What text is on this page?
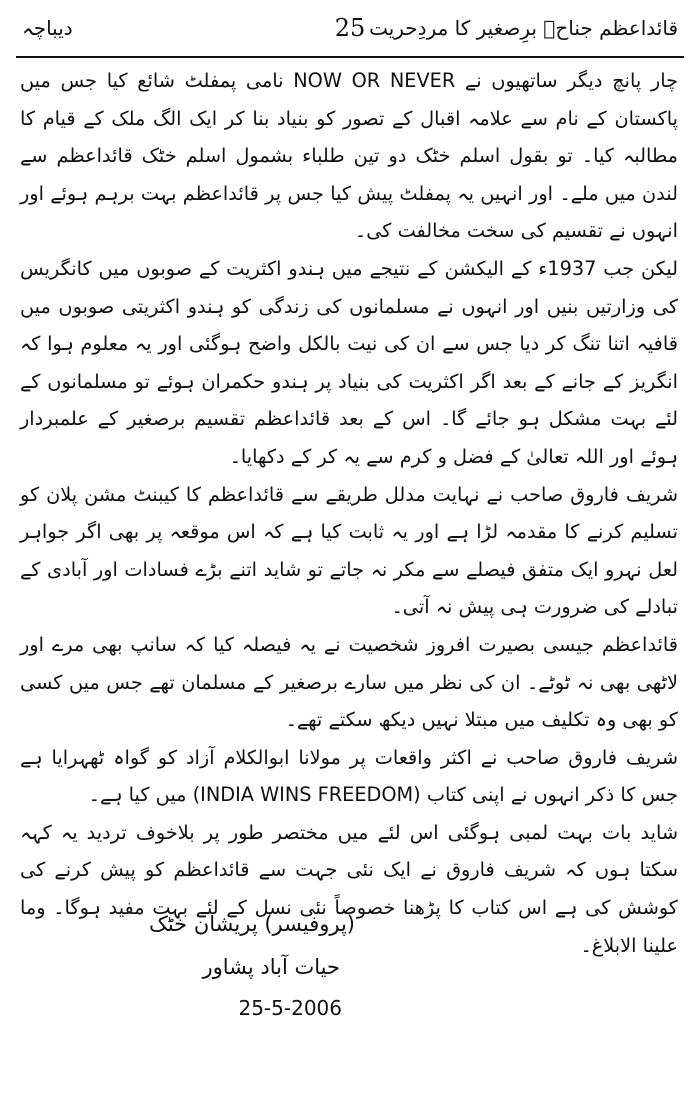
قائداعظم جناحؒ برِصغیر کا مردِحریت
25
دیباچہ

چار پانچ دیگر ساتھیوں نے NOW OR NEVER نامی پمفلٹ شائع کیا جس میں پاکستان کے نام سے علامہ اقبال کے تصور کو بنیاد بنا کر ایک الگ ملک کے قیام کا مطالبہ کیا۔ تو بقول اسلم خٹک دو تین طلباء بشمول اسلم خٹک قائداعظم سے لندن میں ملے۔ اور انہیں یہ پمفلٹ پیش کیا جس پر قائداعظم بہت برہم ہوئے اور انہوں نے تقسیم کی سخت مخالفت کی۔

لیکن جب 1937ء کے الیکشن کے نتیجے میں ہندو اکثریت کے صوبوں میں کانگریس کی وزارتیں بنیں اور انہوں نے مسلمانوں کی زندگی کو ہندو اکثریتی صوبوں میں قافیہ اتنا تنگ کر دیا جس سے ان کی نیت بالکل واضح ہوگئی اور یہ معلوم ہوا کہ انگریز کے جانے کے بعد اگر اکثریت کی بنیاد پر ہندو حکمران ہوئے تو مسلمانوں کے لئے بہت مشکل ہو جائے گا۔ اس کے بعد قائداعظم تقسیم برصغیر کے علمبردار ہوئے اور اللہ تعالیٰ کے فضل و کرم سے یہ کر کے دکھایا۔

شریف فاروق صاحب نے نہایت مدلل طریقے سے قائداعظم کا کیبنٹ مشن پلان کو تسلیم کرنے کا مقدمہ لڑا ہے اور یہ ثابت کیا ہے کہ اس موقعہ پر بھی اگر جواہر لعل نہرو ایک متفق فیصلے سے مکر نہ جاتے تو شاید اتنے بڑے فسادات اور آبادی کے تبادلے کی ضرورت ہی پیش نہ آتی۔

قائداعظم جیسی بصیرت افروز شخصیت نے یہ فیصلہ کیا کہ سانپ بھی مرے اور لاٹھی بھی نہ ٹوٹے۔ ان کی نظر میں سارے برصغیر کے مسلمان تھے جس میں کسی کو بھی وہ تکلیف میں مبتلا نہیں دیکھ سکتے تھے۔

شریف فاروق صاحب نے اکثر واقعات پر مولانا ابوالکلام آزاد کو گواہ ٹھہرایا ہے جس کا ذکر انہوں نے اپنی کتاب (INDIA WINS FREEDOM) میں کیا ہے۔

شاید بات بہت لمبی ہوگئی اس لئے میں مختصر طور پر بلاخوف تردید یہ کہہ سکتا ہوں کہ شریف فاروق نے ایک نئی جہت سے قائداعظم کو پیش کرنے کی کوشش کی ہے اس کتاب کا پڑھنا خصوصاً نئی نسل کے لئے بہت مفید ہوگا۔ وما علینا الابلاغ۔

(پروفیسر) پریشان خٹک
حیات آباد پشاور
25-5-2006
